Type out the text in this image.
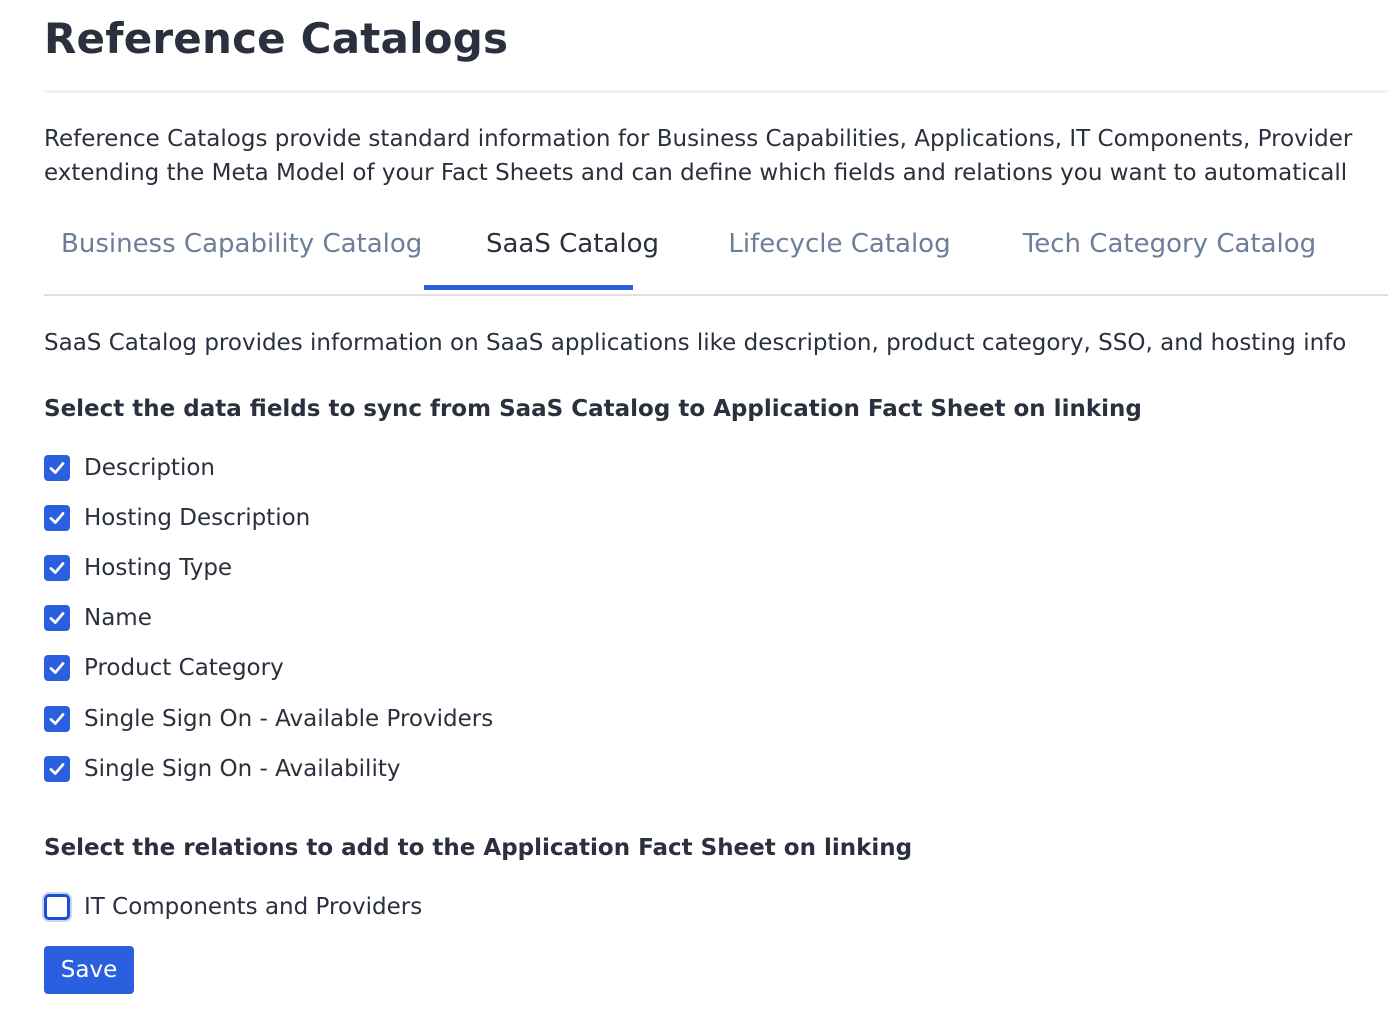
Reference Catalogs

Reference Catalogs provide standard information for Business Capabilities, Applications, IT Components, Provider

extending the Meta Model of your Fact Sheets and can define which fields and relations you want to automaticall

Business Capability Catalog	SaaS Catalog	Lifecycle Catalog	Tech Category Catalog
SaaS Catalog provides information on SaaS applications like description, product category, SSO, and hosting info
Select the data fields to sync from SaaS Catalog to Application Fact Sheet on linking
Description
Hosting Description
Hosting Type
Name
Product Category
Single Sign On - Available Providers
Single Sign On - Availability
Select the relations to add to the Application Fact Sheet on linking
IT Components and Providers
Save
